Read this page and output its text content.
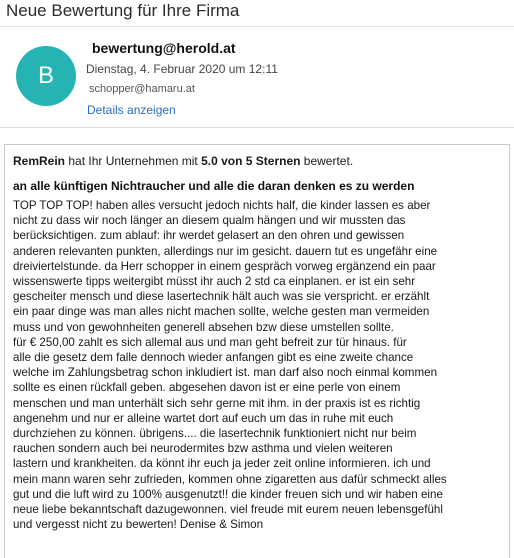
Neue Bewertung für Ihre Firma
B
bewertung@herold.at
Dienstag, 4. Februar 2020 um 12:11
schopper@hamaru.at
Details anzeigen
RemRein hat Ihr Unternehmen mit 5.0 von 5 Sternen bewertet.
an alle künftigen Nichtraucher und alle die daran denken es zu werden
TOP TOP TOP! haben alles versucht jedoch nichts half, die kinder lassen es aber
nicht zu dass wir noch länger an diesem qualm hängen und wir mussten das
berücksichtigen. zum ablauf: ihr werdet gelasert an den ohren und gewissen
anderen relevanten punkten, allerdings nur im gesicht. dauern tut es ungefähr eine
dreiviertelstunde. da Herr schopper in einem gespräch vorweg ergänzend ein paar
wissenswerte tipps weitergibt müsst ihr auch 2 std ca einplanen. er ist ein sehr
gescheiter mensch und diese lasertechnik hält auch was sie verspricht. er erzählt
ein paar dinge was man alles nicht machen sollte, welche gesten man vermeiden
muss und von gewohnheiten generell absehen bzw diese umstellen sollte.
für € 250,00 zahlt es sich allemal aus und man geht befreit zur tür hinaus. für
alle die gesetz dem falle dennoch wieder anfangen gibt es eine zweite chance
welche im Zahlungsbetrag schon inkludiert ist. man darf also noch einmal kommen
sollte es einen rückfall geben. abgesehen davon ist er eine perle von einem
menschen und man unterhält sich sehr gerne mit ihm. in der praxis ist es richtig
angenehm und nur er alleine wartet dort auf euch um das in ruhe mit euch
durchziehen zu können. übrigens.... die lasertechnik funktioniert nicht nur beim
rauchen sondern auch bei neurodermites bzw asthma und vielen weiteren
lastern und krankheiten. da könnt ihr euch ja jeder zeit online informieren. ich und
mein mann waren sehr zufrieden, kommen ohne zigaretten aus dafür schmeckt alles
gut und die luft wird zu 100% ausgenutzt!! die kinder freuen sich und wir haben eine
neue liebe bekanntschaft dazugewonnen. viel freude mit eurem neuen lebensgefühl
und vergesst nicht zu bewerten! Denise & Simon
